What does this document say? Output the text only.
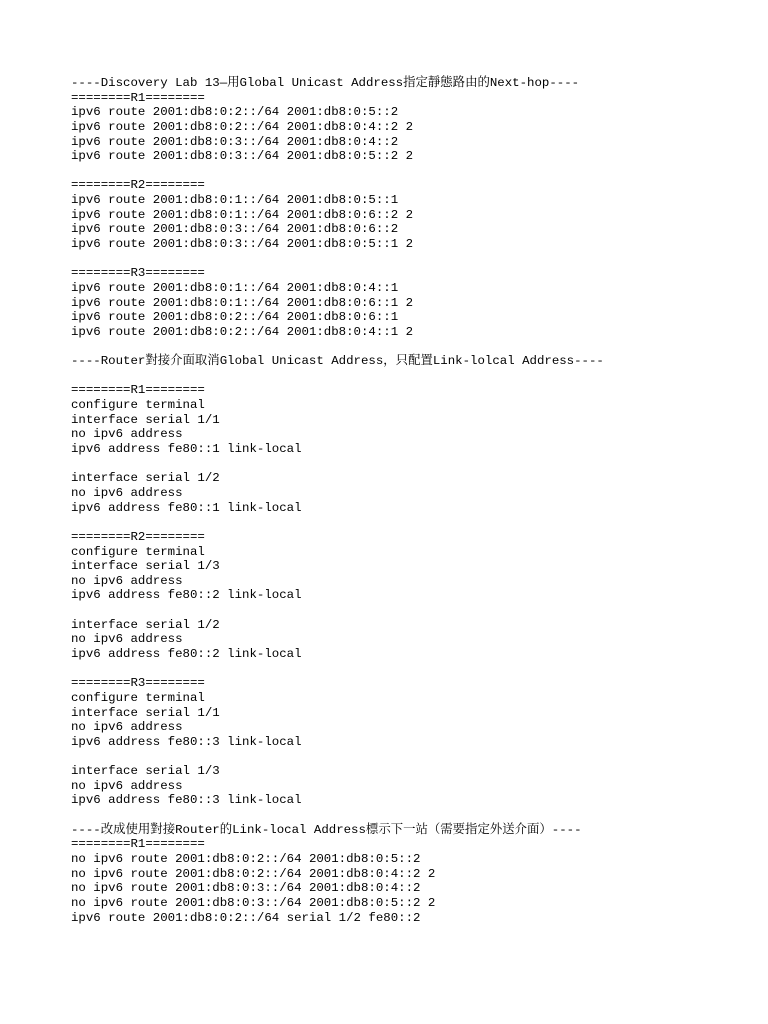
----Discovery Lab 13—用Global Unicast Address指定靜態路由的Next-hop----
========R1========
ipv6 route 2001:db8:0:2::/64 2001:db8:0:5::2
ipv6 route 2001:db8:0:2::/64 2001:db8:0:4::2 2
ipv6 route 2001:db8:0:3::/64 2001:db8:0:4::2
ipv6 route 2001:db8:0:3::/64 2001:db8:0:5::2 2
========R2========
ipv6 route 2001:db8:0:1::/64 2001:db8:0:5::1
ipv6 route 2001:db8:0:1::/64 2001:db8:0:6::2 2
ipv6 route 2001:db8:0:3::/64 2001:db8:0:6::2
ipv6 route 2001:db8:0:3::/64 2001:db8:0:5::1 2
========R3========
ipv6 route 2001:db8:0:1::/64 2001:db8:0:4::1
ipv6 route 2001:db8:0:1::/64 2001:db8:0:6::1 2
ipv6 route 2001:db8:0:2::/64 2001:db8:0:6::1
ipv6 route 2001:db8:0:2::/64 2001:db8:0:4::1 2
----Router對接介面取消Global Unicast Address，只配置Link-lolcal Address----
========R1========
configure terminal
interface serial 1/1
no ipv6 address
ipv6 address fe80::1 link-local
interface serial 1/2
no ipv6 address
ipv6 address fe80::1 link-local
========R2========
configure terminal
interface serial 1/3
no ipv6 address
ipv6 address fe80::2 link-local
interface serial 1/2
no ipv6 address
ipv6 address fe80::2 link-local
========R3========
configure terminal
interface serial 1/1
no ipv6 address
ipv6 address fe80::3 link-local
interface serial 1/3
no ipv6 address
ipv6 address fe80::3 link-local
----改成使用對接Router的Link-local Address標示下一站（需要指定外送介面）----
========R1========
no ipv6 route 2001:db8:0:2::/64 2001:db8:0:5::2
no ipv6 route 2001:db8:0:2::/64 2001:db8:0:4::2 2
no ipv6 route 2001:db8:0:3::/64 2001:db8:0:4::2
no ipv6 route 2001:db8:0:3::/64 2001:db8:0:5::2 2
ipv6 route 2001:db8:0:2::/64 serial 1/2 fe80::2
